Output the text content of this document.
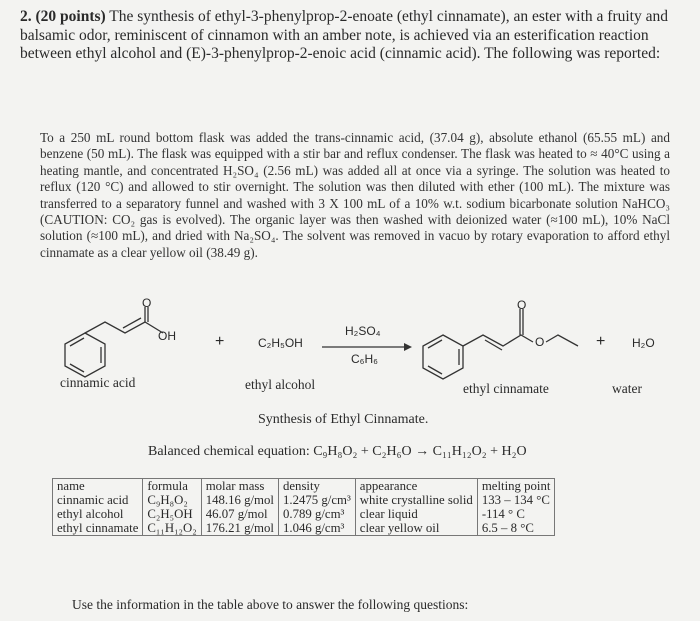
2. (20 points) The synthesis of ethyl-3-phenylprop-2-enoate (ethyl cinnamate), an ester with a fruity and balsamic odor, reminiscent of cinnamon with an amber note, is achieved via an esterification reaction between ethyl alcohol and (E)-3-phenylprop-2-enoic acid (cinnamic acid). The following was reported:
To a 250 mL round bottom flask was added the trans-cinnamic acid, (37.04 g), absolute ethanol (65.55 mL) and benzene (50 mL). The flask was equipped with a stir bar and reflux condenser. The flask was heated to ≈ 40°C using a heating mantle, and concentrated H₂SO₄ (2.56 mL) was added all at once via a syringe. The solution was heated to reflux (120 °C) and allowed to stir overnight. The solution was then diluted with ether (100 mL). The mixture was transferred to a separatory funnel and washed with 3 X 100 mL of a 10% w.t. sodium bicarbonate solution NaHCO₃ (CAUTION: CO₂ gas is evolved). The organic layer was then washed with deionized water (≈100 mL), 10% NaCl solution (≈100 mL), and dried with Na₂SO₄. The solvent was removed in vacuo by rotary evaporation to afford ethyl cinnamate as a clear yellow oil (38.49 g).
O
OH +	C₂H₅OH
H₂SO₄
C₆H₆
O
O	+ H₂O
cinnamic acid	ethyl alcohol	ethyl cinnamate	water
Synthesis of Ethyl Cinnamate.
Balanced chemical equation: C₉H₈O₂ + C₂H₆O → C₁₁H₁₂O₂ + H₂O
name	formula	molar mass	density	appearance	melting point
cinnamic acid	C₉H₈O₂	148.16 g/mol	1.2475 g/cm³	white crystalline solid	133 – 134 °C
ethyl alcohol	C₂H₅OH	46.07 g/mol	0.789 g/cm³	clear liquid	-114 ° C
ethyl cinnamate	C₁₁H₁₂O₂	176.21 g/mol	1.046 g/cm³	clear yellow oil	6.5 – 8 °C
Use the information in the table above to answer the following questions:
